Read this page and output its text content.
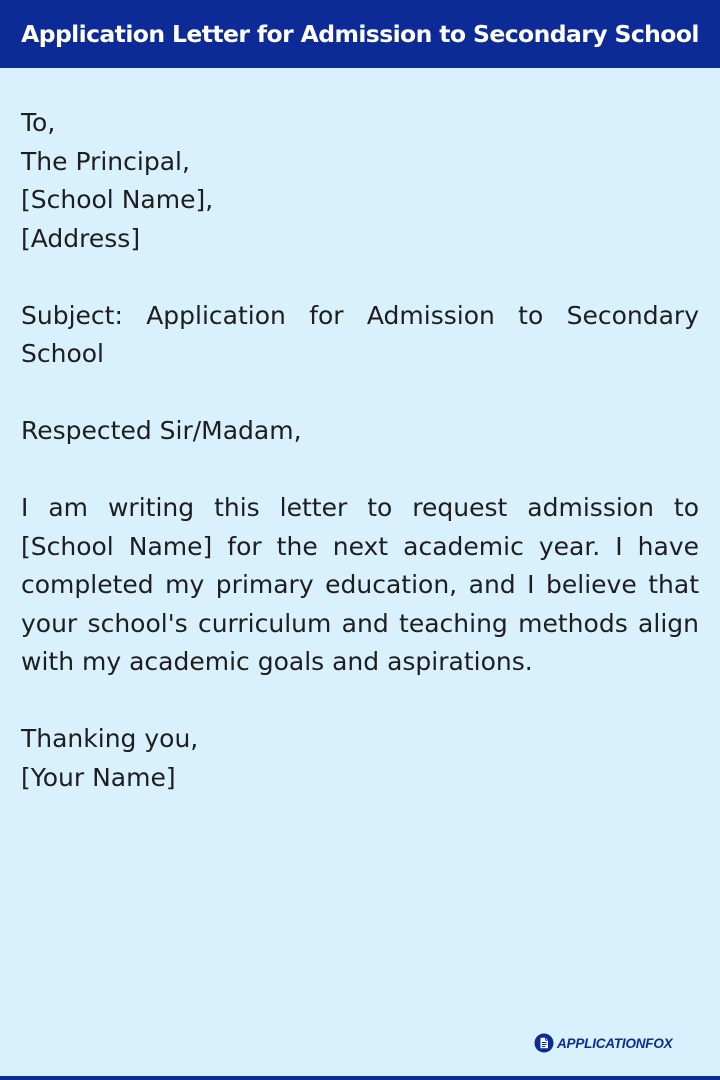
Application Letter for Admission to Secondary School
To,
The Principal,
[School Name],
[Address]
Subject: Application for Admission to Secondary School
Respected Sir/Madam,
I am writing this letter to request admission to [School Name] for the next academic year. I have completed my primary education, and I believe that your school's curriculum and teaching methods align with my academic goals and aspirations.
Thanking you,
[Your Name]
APPLICATIONFOX
